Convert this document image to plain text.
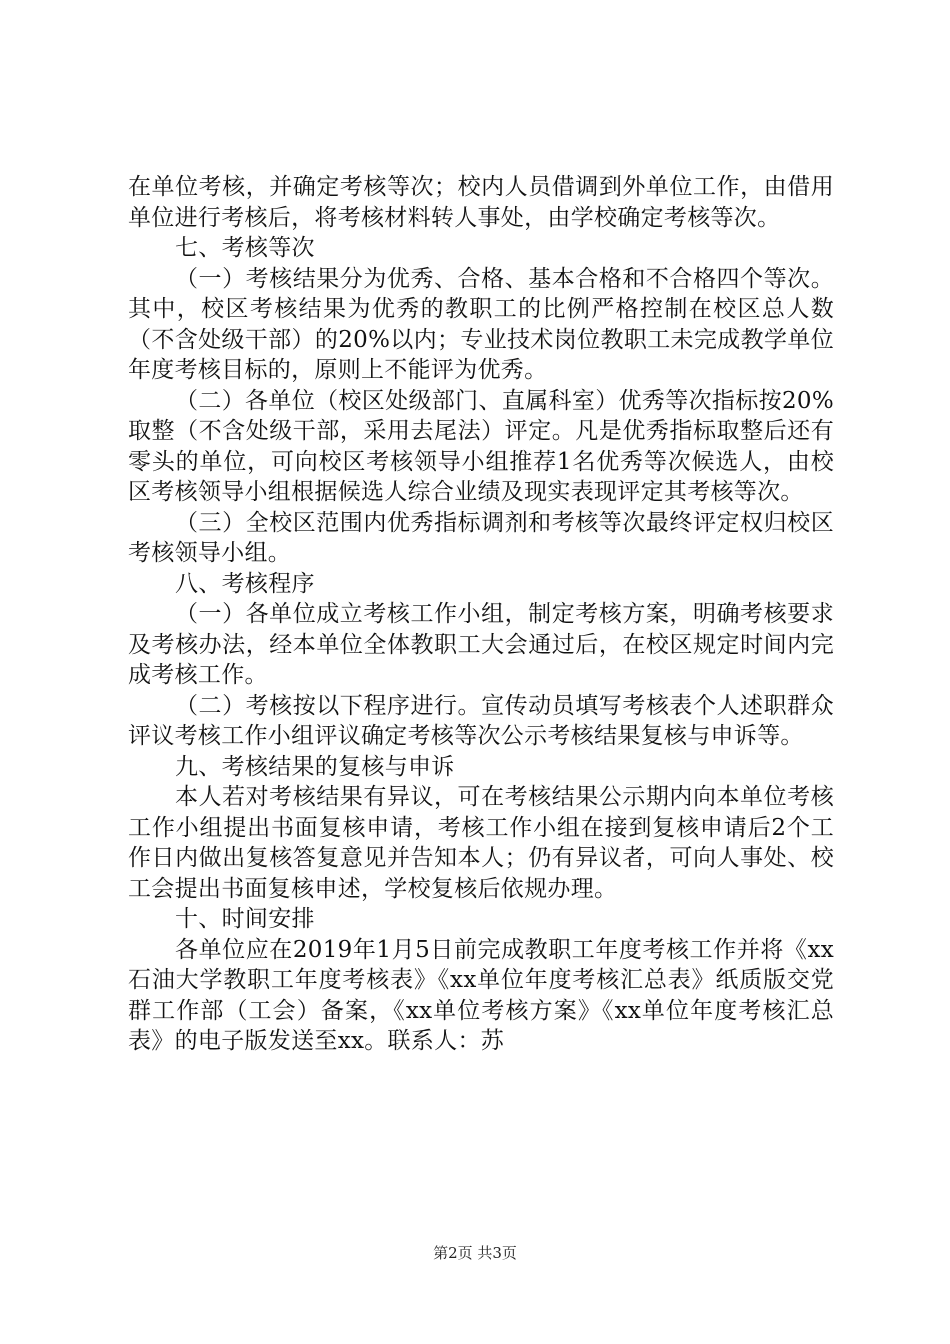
在单位考核，并确定考核等次；校内人员借调到外单位工作，由借用单位进行考核后，将考核材料转人事处，由学校确定考核等次。

七、考核等次

（一）考核结果分为优秀、合格、基本合格和不合格四个等次。其中，校区考核结果为优秀的教职工的比例严格控制在校区总人数（不含处级干部）的20%以内；专业技术岗位教职工未完成教学单位年度考核目标的，原则上不能评为优秀。

（二）各单位（校区处级部门、直属科室）优秀等次指标按20%取整（不含处级干部，采用去尾法）评定。凡是优秀指标取整后还有零头的单位，可向校区考核领导小组推荐1名优秀等次候选人，由校区考核领导小组根据候选人综合业绩及现实表现评定其考核等次。

（三）全校区范围内优秀指标调剂和考核等次最终评定权归校区考核领导小组。

八、考核程序

（一）各单位成立考核工作小组，制定考核方案，明确考核要求及考核办法，经本单位全体教职工大会通过后，在校区规定时间内完成考核工作。

（二）考核按以下程序进行。宣传动员填写考核表个人述职群众评议考核工作小组评议确定考核等次公示考核结果复核与申诉等。

九、考核结果的复核与申诉

本人若对考核结果有异议，可在考核结果公示期内向本单位考核工作小组提出书面复核申请，考核工作小组在接到复核申请后2个工作日内做出复核答复意见并告知本人；仍有异议者，可向人事处、校工会提出书面复核申述，学校复核后依规办理。

十、时间安排

各单位应在2019年1月5日前完成教职工年度考核工作并将《xx石油大学教职工年度考核表》《xx单位年度考核汇总表》纸质版交党群工作部（工会）备案，《xx单位考核方案》《xx单位年度考核汇总表》的电子版发送至xx。联系人：苏

第2页 共3页
